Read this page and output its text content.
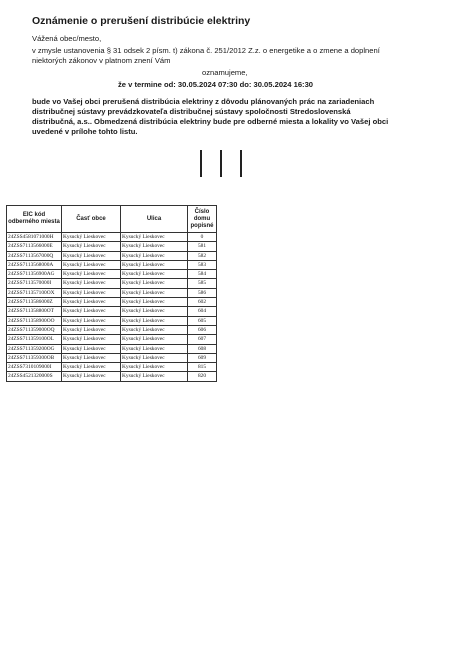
Oznámenie o prerušení distribúcie elektriny
Vážená obec/mesto,
v zmysle ustanovenia § 31 odsek 2 písm. t) zákona č. 251/2012 Z.z. o energetike a o zmene a doplnení
niektorých zákonov v platnom znení Vám
oznamujeme,
že v termine od: 30.05.2024 07:30 do: 30.05.2024 16:30
bude vo Vašej obci prerušená distribúcia elektriny z dôvodu plánovaných prác na zariadeniach
distribučnej sústavy prevádzkovateľa distribučnej sústavy spoločnosti Stredoslovenská
distribučná, a.s.. Obmedzená distribúcia elektriny bude pre odberné miesta a lokality vo Vašej obci
uvedené v prílohe tohto listu.
EIC kód odberného miesta	Časť obce	Ulica	Číslo domu popisné
24ZSS4581071000H	Kysucký Lieskovec	Kysucký Lieskovec	0
24ZSS7113566000E	Kysucký Lieskovec	Kysucký Lieskovec	581
24ZSS7113567000Q	Kysucký Lieskovec	Kysucký Lieskovec	582
24ZSS7113568000A	Kysucký Lieskovec	Kysucký Lieskovec	583
24ZSS711356900AG	Kysucký Lieskovec	Kysucký Lieskovec	584
24ZSS7113570000I	Kysucký Lieskovec	Kysucký Lieskovec	585
24ZSS711357100OX	Kysucký Lieskovec	Kysucký Lieskovec	586
24ZSS7113586000Z	Kysucký Lieskovec	Kysucký Lieskovec	602
24ZSS711358800OT	Kysucký Lieskovec	Kysucký Lieskovec	604
24ZSS711358900OO	Kysucký Lieskovec	Kysucký Lieskovec	605
24ZSS711359000OQ	Kysucký Lieskovec	Kysucký Lieskovec	606
24ZSS711359100OL	Kysucký Lieskovec	Kysucký Lieskovec	607
24ZSS711359200OG	Kysucký Lieskovec	Kysucký Lieskovec	608
24ZSS711359300OB	Kysucký Lieskovec	Kysucký Lieskovec	609
24ZSS7310109000I	Kysucký Lieskovec	Kysucký Lieskovec	815
24ZSS4521320000S	Kysucký Lieskovec	Kysucký Lieskovec	820
